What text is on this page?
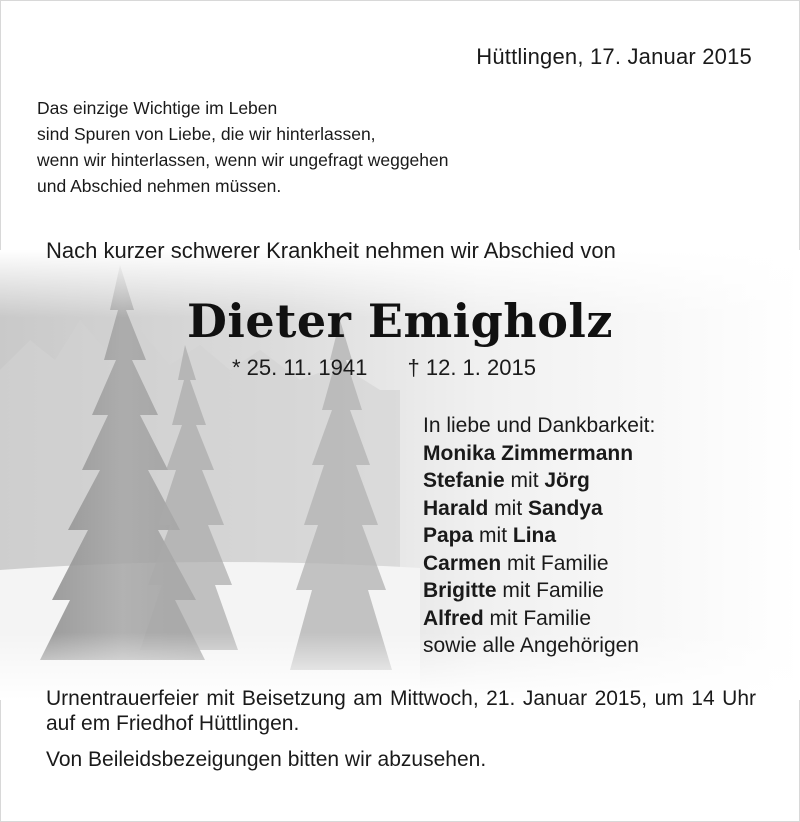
Hüttlingen, 17. Januar 2015
Das einzige Wichtige im Leben
sind Spuren von Liebe, die wir hinterlassen,
wenn wir hinterlassen, wenn wir ungefragt weggehen
und Abschied nehmen müssen.
Nach kurzer schwerer Krankheit nehmen wir Abschied von
Dieter Emigholz
* 25. 11. 1941 † 12. 1. 2015
In liebe und Dankbarkeit:
Monika Zimmermann
Stefanie mit Jörg
Harald mit Sandya
Papa mit Lina
Carmen mit Familie
Brigitte mit Familie
Alfred mit Familie
sowie alle Angehörigen
Urnentrauerfeier mit Beisetzung am Mittwoch, 21. Januar 2015, um 14 Uhr auf em Friedhof Hüttlingen.
Von Beileidsbezeigungen bitten wir abzusehen.
